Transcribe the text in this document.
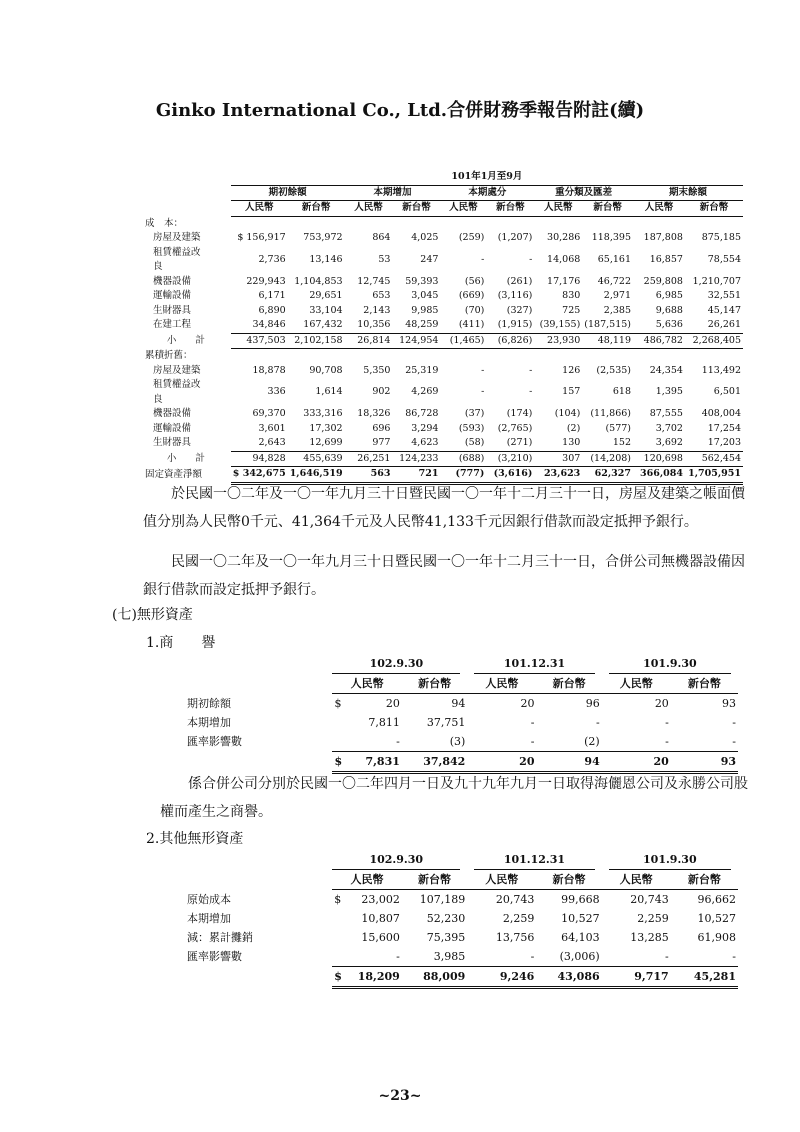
Ginko International Co., Ltd.合併財務季報告附註(續)
	101年1月至9月									
	期初餘額		本期增加		本期處分		重分類及匯差		期末餘額	
	人民幣	新台幣	人民幣	新台幣	人民幣	新台幣	人民幣	新台幣	人民幣	新台幣
成　本：										
房屋及建築	$ 156,917	753,972	864	4,025	(259)	(1,207)	30,286	118,395	187,808	875,185
租賃權益改良	2,736	13,146	53	247	-	-	14,068	65,161	16,857	78,554
機器設備	229,943	1,104,853	12,745	59,393	(56)	(261)	17,176	46,722	259,808	1,210,707
運輸設備	6,171	29,651	653	3,045	(669)	(3,116)	830	2,971	6,985	32,551
生財器具	6,890	33,104	2,143	9,985	(70)	(327)	725	2,385	9,688	45,147
在建工程	34,846	167,432	10,356	48,259	(411)	(1,915)	(39,155)	(187,515)	5,636	26,261
小　　計	437,503	2,102,158	26,814	124,954	(1,465)	(6,826)	23,930	48,119	486,782	2,268,405
累積折舊：										
房屋及建築	18,878	90,708	5,350	25,319	-	-	126	(2,535)	24,354	113,492
租賃權益改良	336	1,614	902	4,269	-	-	157	618	1,395	6,501
機器設備	69,370	333,316	18,326	86,728	(37)	(174)	(104)	(11,866)	87,555	408,004
運輸設備	3,601	17,302	696	3,294	(593)	(2,765)	(2)	(577)	3,702	17,254
生財器具	2,643	12,699	977	4,623	(58)	(271)	130	152	3,692	17,203
小　　計	94,828	455,639	26,251	124,233	(688)	(3,210)	307	(14,208)	120,698	562,454
固定資產淨額	$ 342,675	1,646,519	563	721	(777)	(3,616)	23,623	62,327	366,084	1,705,951
於民國一〇二年及一〇一年九月三十日暨民國一〇一年十二月三十一日，房屋及建築之帳面價值分別為人民幣0千元、41,364千元及人民幣41,133千元因銀行借款而設定抵押予銀行。
民國一〇二年及一〇一年九月三十日暨民國一〇一年十二月三十一日，合併公司無機器設備因銀行借款而設定抵押予銀行。
(七)無形資產
1.商　　譽
	102.9.30			101.12.31		101.9.30	
	人民幣		新台幣	人民幣	新台幣	人民幣	新台幣
期初餘額	$	20	94	20	96	20	93
本期增加		7,811	37,751	-	-	-	-
匯率影響數		-	(3)	-	(2)	-	-
	$	7,831	37,842	20	94	20	93
係合併公司分別於民國一〇二年四月一日及九十九年九月一日取得海儷恩公司及永勝公司股權而產生之商譽。
2.其他無形資產
	102.9.30			101.12.31		101.9.30	
	人民幣		新台幣	人民幣	新台幣	人民幣	新台幣
原始成本	$	23,002	107,189	20,743	99,668	20,743	96,662
本期增加		10,807	52,230	2,259	10,527	2,259	10,527
減：累計攤銷		15,600	75,395	13,756	64,103	13,285	61,908
匯率影響數		-	3,985	-	(3,006)	-	-
	$	18,209	88,009	9,246	43,086	9,717	45,281
~23~
